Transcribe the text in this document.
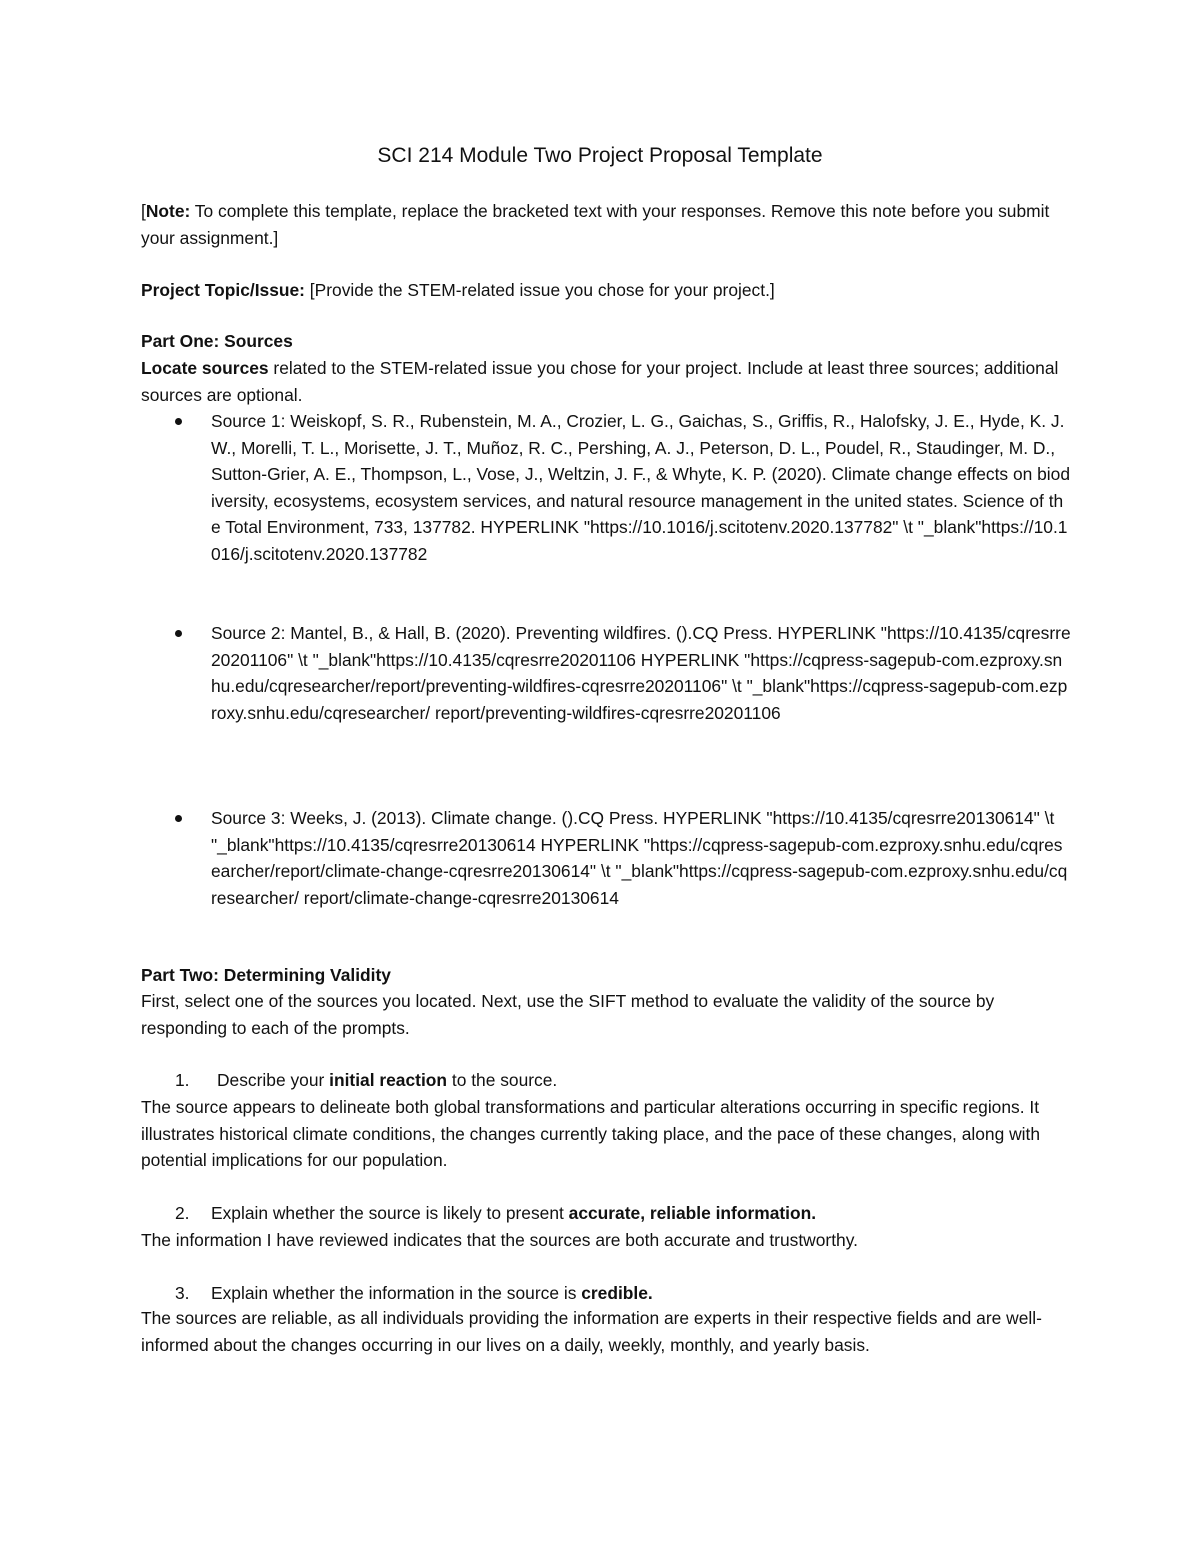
SCI 214 Module Two Project Proposal Template
[Note: To complete this template, replace the bracketed text with your responses. Remove this note before you submit your assignment.]
Project Topic/Issue: [Provide the STEM-related issue you chose for your project.]
Part One: Sources
Locate sources related to the STEM-related issue you chose for your project. Include at least three sources; additional sources are optional.
Source 1: Weiskopf, S. R., Rubenstein, M. A., Crozier, L. G., Gaichas, S., Griffis, R., Halofsky, J. E., Hyde, K. J. W., Morelli, T. L., Morisette, J. T., Muñoz, R. C., Pershing, A. J., Peterson, D. L., Poudel, R., Staudinger, M. D., Sutton-Grier, A. E., Thompson, L., Vose, J., Weltzin, J. F., & Whyte, K. P. (2020). Climate change effects on biodiversity, ecosystems, ecosystem services, and natural resource management in the united states. Science of the Total Environment, 733, 137782. HYPERLINK "https://10.1016/j.scitotenv.2020.137782" \t "_blank"https://10.1016/j.scitotenv.2020.137782
Source 2: Mantel, B., & Hall, B. (2020). Preventing wildfires. ().CQ Press. HYPERLINK "https://10.4135/cqresrre20201106" \t "_blank"https://10.4135/cqresrre20201106 HYPERLINK "https://cqpress-sagepub-com.ezproxy.snhu.edu/cqresearcher/report/preventing-wildfires-cqresrre20201106" \t "_blank"https://cqpress-sagepub-com.ezproxy.snhu.edu/cqresearcher/ report/preventing-wildfires-cqresrre20201106
Source 3: Weeks, J. (2013). Climate change. ().CQ Press. HYPERLINK "https://10.4135/cqresrre20130614" \t "_blank"https://10.4135/cqresrre20130614 HYPERLINK "https://cqpress-sagepub-com.ezproxy.snhu.edu/cqresearcher/report/climate-change-cqresrre20130614" \t "_blank"https://cqpress-sagepub-com.ezproxy.snhu.edu/cqresearcher/ report/climate-change-cqresrre20130614
Part Two: Determining Validity
First, select one of the sources you located. Next, use the SIFT method to evaluate the validity of the source by responding to each of the prompts.
1. Describe your initial reaction to the source.
The source appears to delineate both global transformations and particular alterations occurring in specific regions. It illustrates historical climate conditions, the changes currently taking place, and the pace of these changes, along with potential implications for our population.
2. Explain whether the source is likely to present accurate, reliable information.
The information I have reviewed indicates that the sources are both accurate and trustworthy.
3. Explain whether the information in the source is credible.
The sources are reliable, as all individuals providing the information are experts in their respective fields and are well-informed about the changes occurring in our lives on a daily, weekly, monthly, and yearly basis.
